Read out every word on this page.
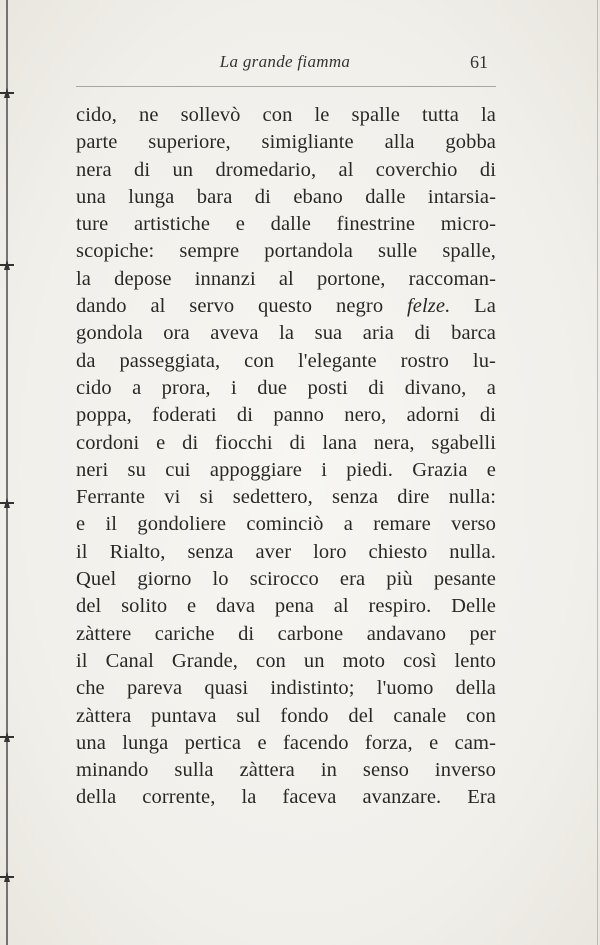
La grande fiamma	61
cido, ne sollevò con le spalle tutta la
parte superiore, simigliante alla gobba
nera di un dromedario, al coverchio di
una lunga bara di ebano dalle intarsia-
ture artistiche e dalle finestrine micro-
scopiche: sempre portandola sulle spalle,
la depose innanzi al portone, raccoman-
dando al servo questo negro felze. La
gondola ora aveva la sua aria di barca
da passeggiata, con l'elegante rostro lu-
cido a prora, i due posti di divano, a
poppa, foderati di panno nero, adorni di
cordoni e di fiocchi di lana nera, sgabelli
neri su cui appoggiare i piedi. Grazia e
Ferrante vi si sedettero, senza dire nulla:
e il gondoliere cominciò a remare verso
il Rialto, senza aver loro chiesto nulla.
Quel giorno lo scirocco era più pesante
del solito e dava pena al respiro. Delle
zàttere cariche di carbone andavano per
il Canal Grande, con un moto così lento
che pareva quasi indistinto; l'uomo della
zàttera puntava sul fondo del canale con
una lunga pertica e facendo forza, e cam-
minando sulla zàttera in senso inverso
della corrente, la faceva avanzare. Era
